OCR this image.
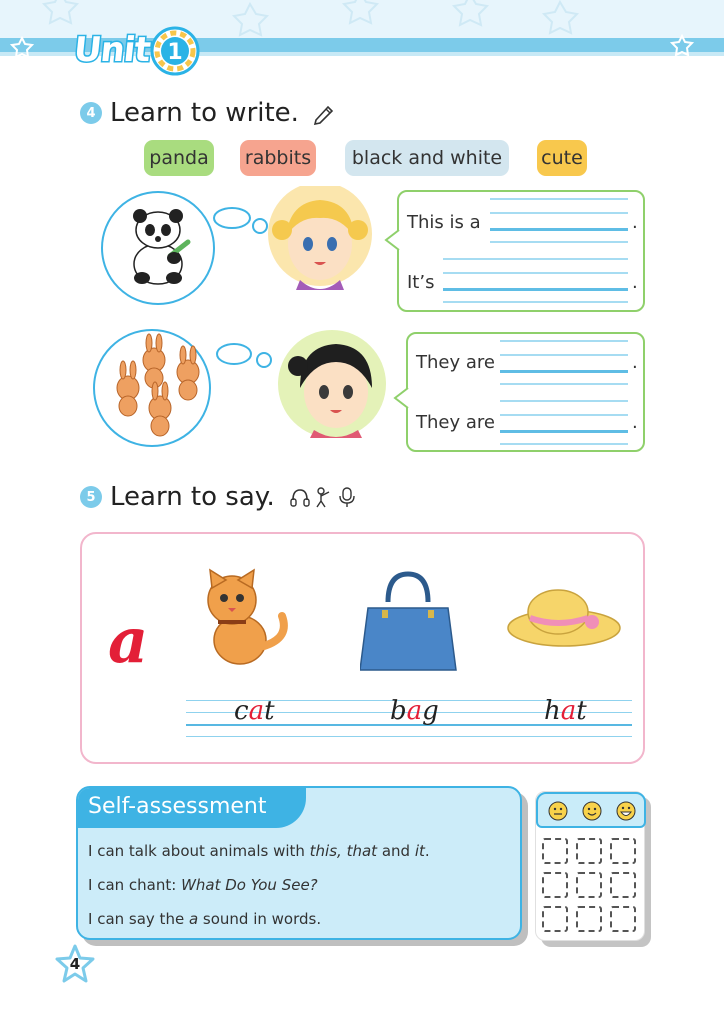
Unit 1
4 Learn to write.
panda rabbits	black and white	cute
This is a	.
It’s	.
They are	.
They are	.
5 Learn to say.
a
cat	bag	hat
Self-assessment
I can talk about animals with this, that and it.
I can chant: What Do You See?
I can say the a sound in words.
4
